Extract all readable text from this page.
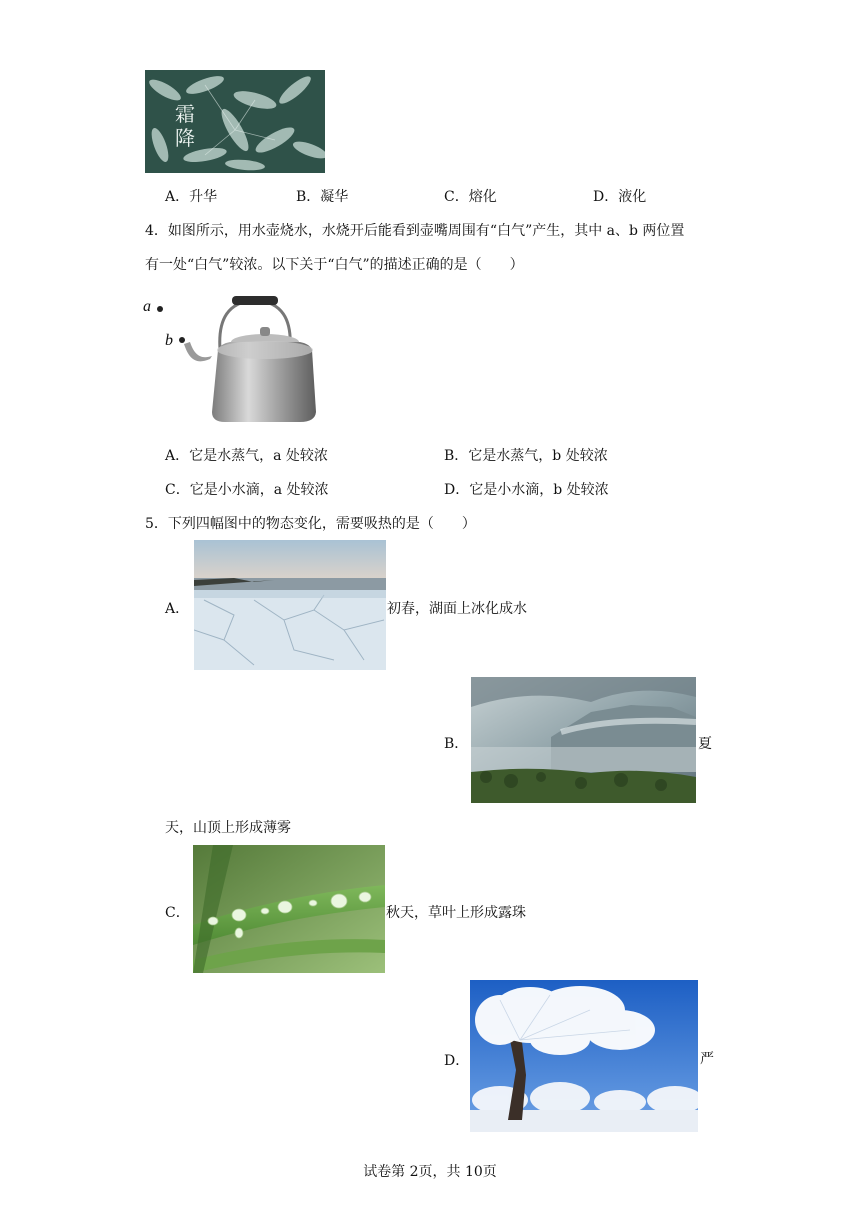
霜
降
A．升华	B．凝华	C．熔化	D．液化
4．如图所示，用水壶烧水，水烧开后能看到壶嘴周围有“白气”产生，其中 a、b 两位置
有一处“白气”较浓。以下关于“白气”的描述正确的是（　　）
a
b
A．它是水蒸气，a 处较浓	B．它是水蒸气，b 处较浓
C．它是小水滴，a 处较浓	D．它是小水滴，b 处较浓
5．下列四幅图中的物态变化，需要吸热的是（　　）
A．	初春，湖面上冰化成水
B．	夏
天，山顶上形成薄雾
C．	秋天，草叶上形成露珠
D．	严
试卷第 2页，共 10页
